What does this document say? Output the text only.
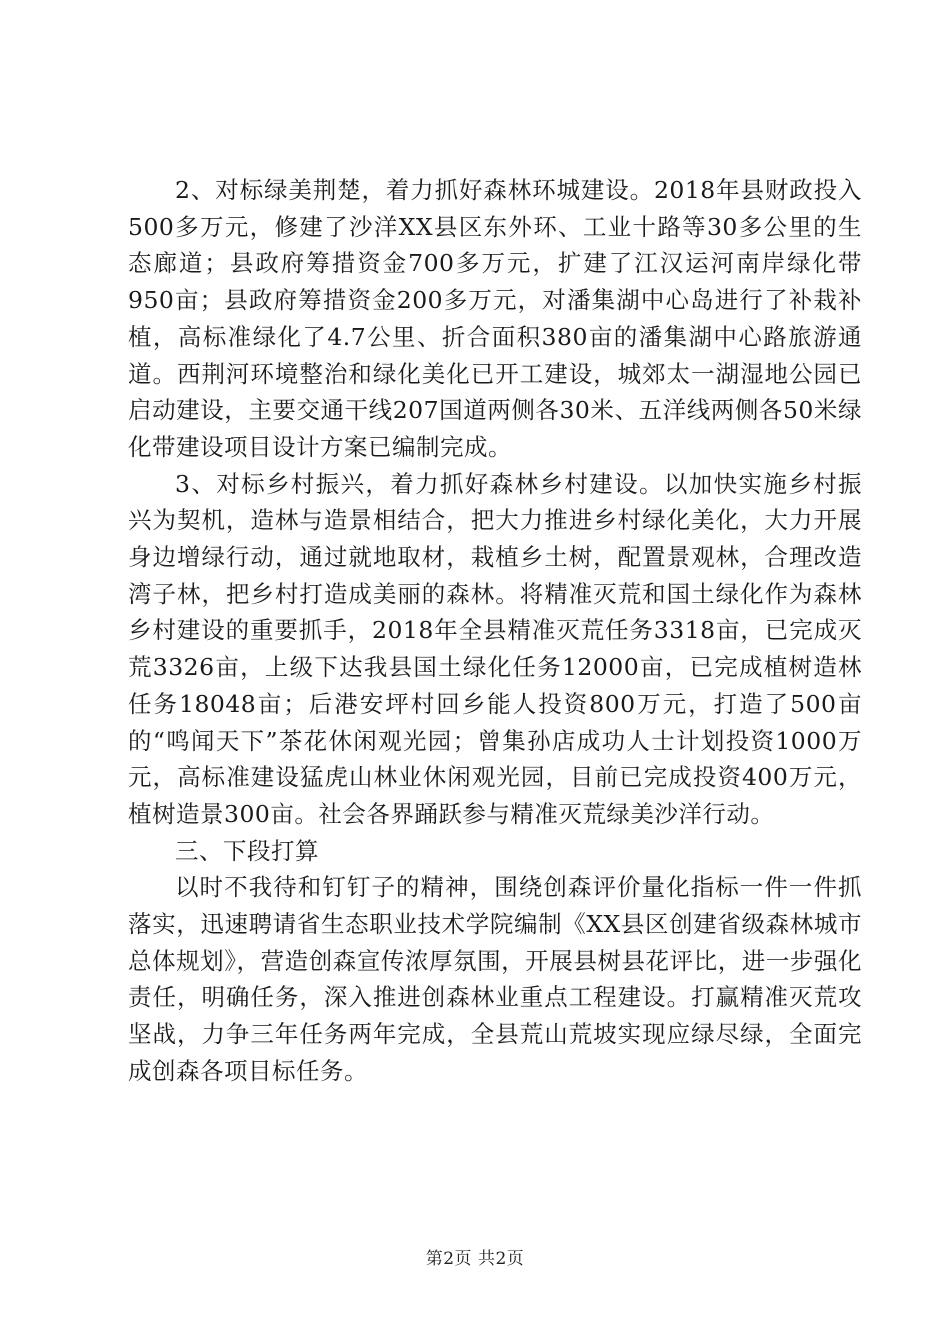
2、对标绿美荆楚，着力抓好森林环城建设。2018年县财政投入500多万元，修建了沙洋XX县区东外环、工业十路等30多公里的生态廊道；县政府筹措资金700多万元，扩建了江汉运河南岸绿化带950亩；县政府筹措资金200多万元，对潘集湖中心岛进行了补栽补植，高标准绿化了4.7公里、折合面积380亩的潘集湖中心路旅游通道。西荆河环境整治和绿化美化已开工建设，城郊太一湖湿地公园已启动建设，主要交通干线207国道两侧各30米、五洋线两侧各50米绿化带建设项目设计方案已编制完成。

3、对标乡村振兴，着力抓好森林乡村建设。以加快实施乡村振兴为契机，造林与造景相结合，把大力推进乡村绿化美化，大力开展身边增绿行动，通过就地取材，栽植乡土树，配置景观林，合理改造湾子林，把乡村打造成美丽的森林。将精准灭荒和国土绿化作为森林乡村建设的重要抓手，2018年全县精准灭荒任务3318亩，已完成灭荒3326亩，上级下达我县国土绿化任务12000亩，已完成植树造林任务18048亩；后港安坪村回乡能人投资800万元，打造了500亩的“鸣闻天下”茶花休闲观光园；曾集孙店成功人士计划投资1000万元，高标准建设猛虎山林业休闲观光园，目前已完成投资400万元，植树造景300亩。社会各界踊跃参与精准灭荒绿美沙洋行动。

三、下段打算

以时不我待和钉钉子的精神，围绕创森评价量化指标一件一件抓落实，迅速聘请省生态职业技术学院编制《XX县区创建省级森林城市总体规划》，营造创森宣传浓厚氛围，开展县树县花评比，进一步强化责任，明确任务，深入推进创森林业重点工程建设。打赢精准灭荒攻坚战，力争三年任务两年完成，全县荒山荒坡实现应绿尽绿，全面完成创森各项目标任务。

第2页 共2页
